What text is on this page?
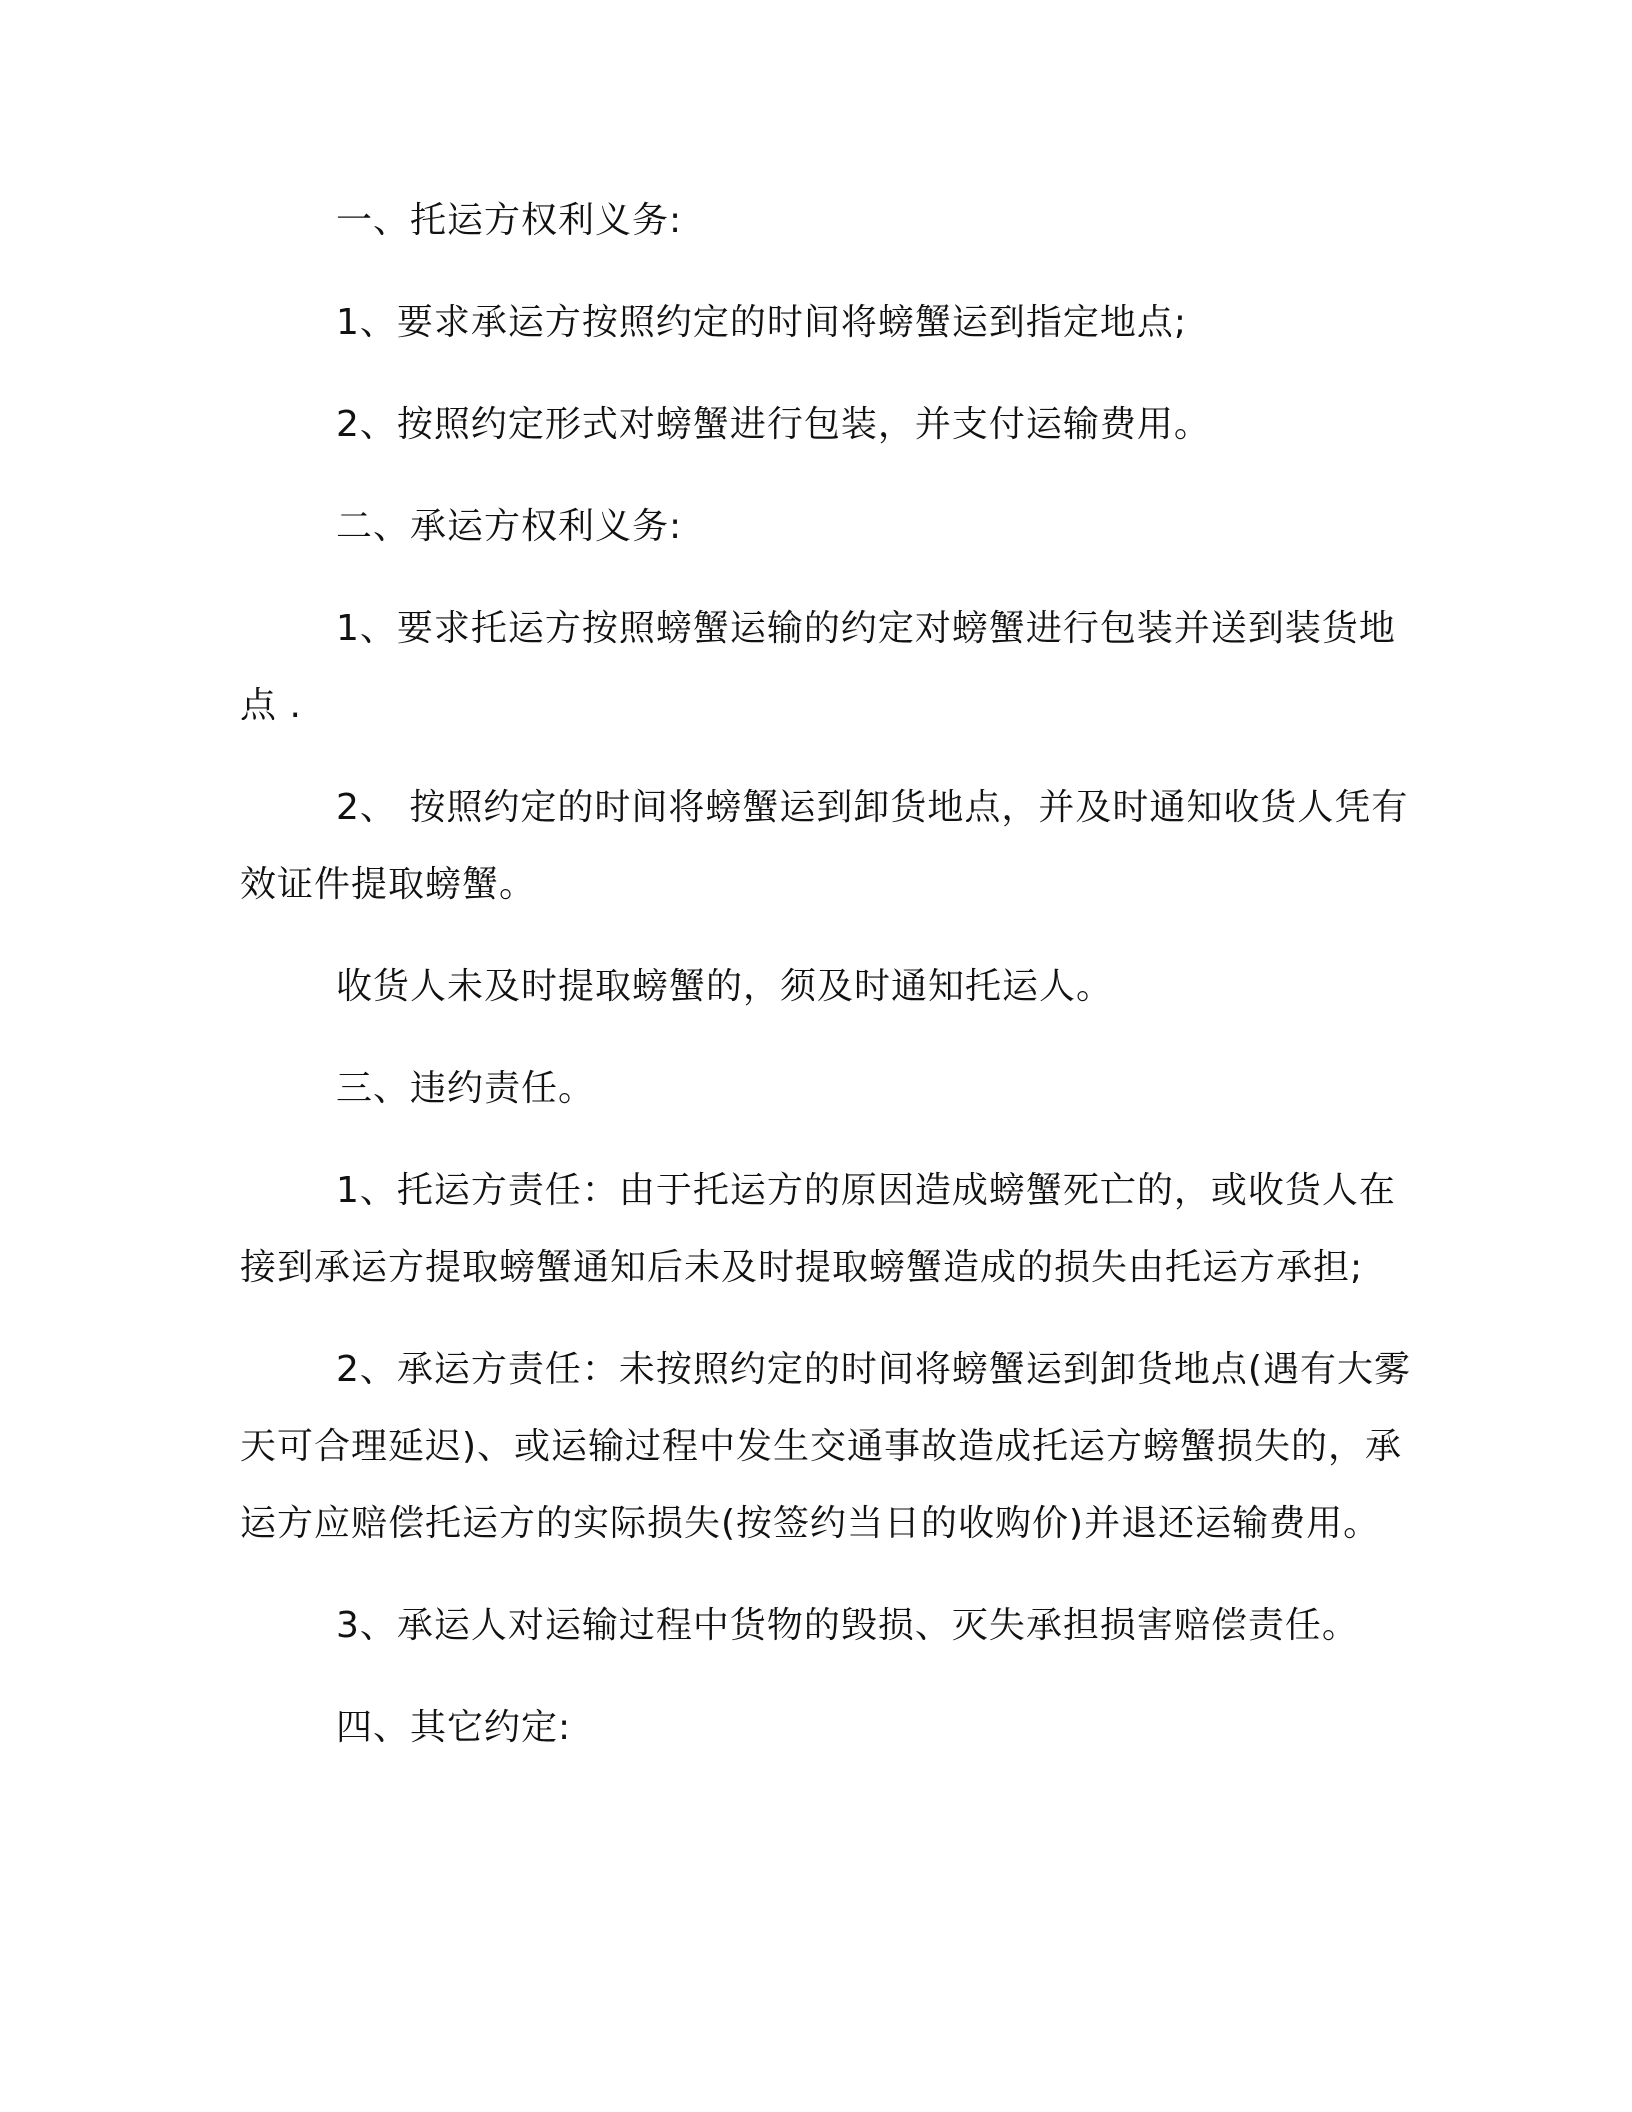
一、托运方权利义务:

1、要求承运方按照约定的时间将螃蟹运到指定地点;

2、按照约定形式对螃蟹进行包装，并支付运输费用。

二、承运方权利义务:

1、要求托运方按照螃蟹运输的约定对螃蟹进行包装并送到装货地点 .

2、 按照约定的时间将螃蟹运到卸货地点，并及时通知收货人凭有效证件提取螃蟹。

收货人未及时提取螃蟹的，须及时通知托运人。

三、违约责任。

1、托运方责任：由于托运方的原因造成螃蟹死亡的，或收货人在接到承运方提取螃蟹通知后未及时提取螃蟹造成的损失由托运方承担;

2、承运方责任：未按照约定的时间将螃蟹运到卸货地点(遇有大雾天可合理延迟)、或运输过程中发生交通事故造成托运方螃蟹损失的，承运方应赔偿托运方的实际损失(按签约当日的收购价)并退还运输费用。

3、承运人对运输过程中货物的毁损、灭失承担损害赔偿责任。

四、其它约定:
